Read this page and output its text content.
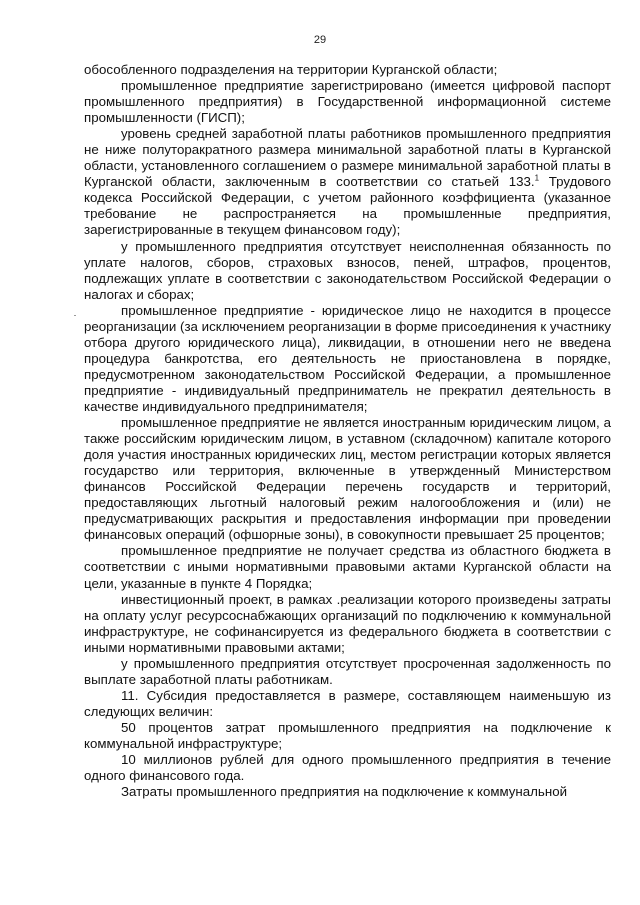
29

обособленного подразделения на территории Курганской области;

промышленное предприятие зарегистрировано (имеется цифровой паспорт промышленного предприятия) в Государственной информационной системе промышленности (ГИСП);

уровень средней заработной платы работников промышленного предприятия не ниже полуторакратного размера минимальной заработной платы в Курганской области, установленного соглашением о размере минимальной заработной платы в Курганской области, заключенным в соответствии со статьей 133.$^1$ Трудового кодекса Российской Федерации, с учетом районного коэффициента (указанное требование не распространяется на промышленные предприятия, зарегистрированные в текущем финансовом году);

у промышленного предприятия отсутствует неисполненная обязанность по уплате налогов, сборов, страховых взносов, пеней, штрафов, процентов, подлежащих уплате в соответствии с законодательством Российской Федерации о налогах и сборах;

промышленное предприятие - юридическое лицо не находится в процессе реорганизации (за исключением реорганизации в форме присоединения к участнику отбора другого юридического лица), ликвидации, в отношении него не введена процедура банкротства, его деятельность не приостановлена в порядке, предусмотренном законодательством Российской Федерации, а промышленное предприятие - индивидуальный предприниматель не прекратил деятельность в качестве индивидуального предпринимателя;

промышленное предприятие не является иностранным юридическим лицом, а также российским юридическим лицом, в уставном (складочном) капитале которого доля участия иностранных юридических лиц, местом регистрации которых является государство или территория, включенные в утвержденный Министерством финансов Российской Федерации перечень государств и территорий, предоставляющих льготный налоговый режим налогообложения и (или) не предусматривающих раскрытия и предоставления информации при проведении финансовых операций (офшорные зоны), в совокупности превышает 25 процентов;

промышленное предприятие не получает средства из областного бюджета в соответствии с иными нормативными правовыми актами Курганской области на цели, указанные в пункте 4 Порядка;

инвестиционный проект, в рамках .реализации которого произведены затраты на оплату услуг ресурсоснабжающих организаций по подключению к коммунальной инфраструктуре, не софинансируется из федерального бюджета в соответствии с иными нормативными правовыми актами;

у промышленного предприятия отсутствует просроченная задолженность по выплате заработной платы работникам.

11. Субсидия предоставляется в размере, составляющем наименьшую из следующих величин:

50 процентов затрат промышленного предприятия на подключение к коммунальной инфраструктуре;

10 миллионов рублей для одного промышленного предприятия в течение одного финансового года.

Затраты промышленного предприятия на подключение к коммунальной
